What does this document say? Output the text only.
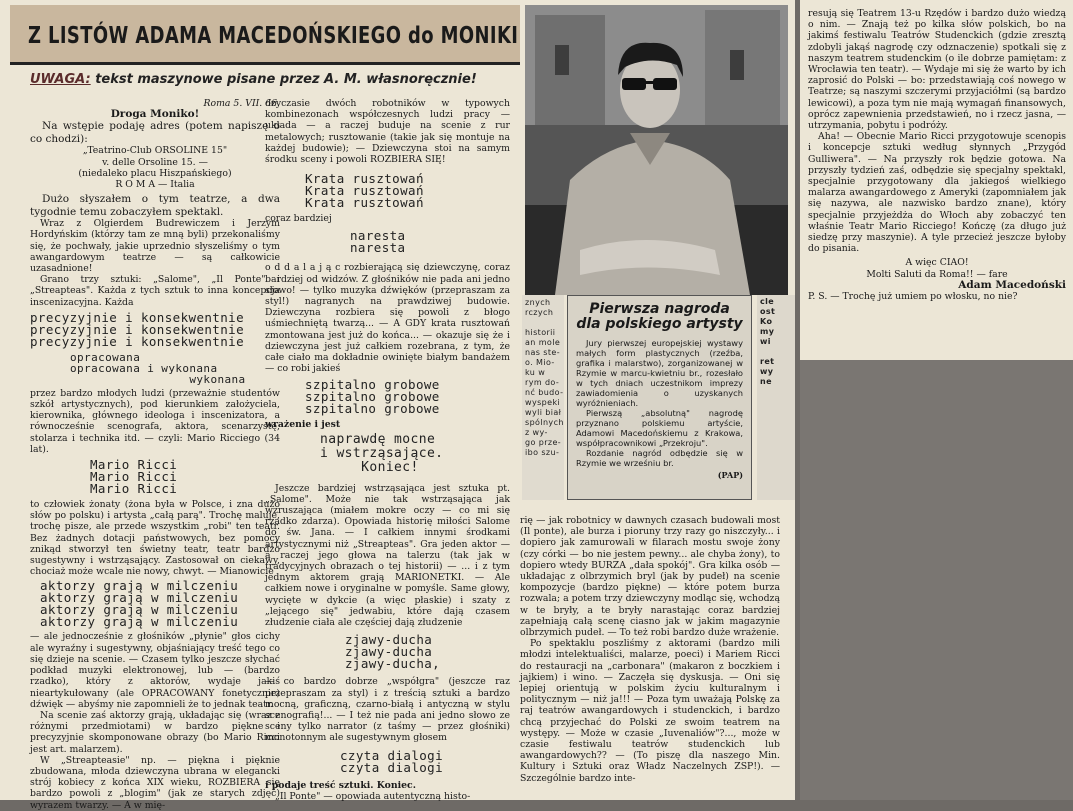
Z LISTÓW ADAMA MACEDOŃSKIEGO do MONIKI
UWAGA: tekst maszynowe pisane przez A. M. własnoręcznie!

Roma 5. VII. 66.

Droga Moniko!

Na wstępie podaję adres (potem napiszę o co chodzi):

„Teatrino-Club ORSOLINE 15"

v. delle Orsoline 15. —

(niedaleko placu Hiszpańskiego)

R O M A — Italia

Dużo słyszałem o tym teatrze, a dwa tygodnie temu zobaczyłem spektakl.

Wraz z Olgierdem Budrewiczem i Jerzym Hordyńskim (którzy tam ze mną byli) przekonaliśmy się, że pochwały, jakie uprzednio słyszeliśmy o tym awangardowym teatrze — są całkowicie uzasadnione!

Grano trzy sztuki: „Salome", „Il Ponte" i „Streapteas". Każda z tych sztuk to inna koncepcja inscenizacyjna. Każda

precyzyjnie i konsekwentnie
precyzyjnie i konsekwentnie
precyzyjnie i konsekwentnie
opracowana
opracowana i wykonana
wykonana

przez bardzo młodych ludzi (przeważnie studentów szkół artystycznych), pod kierunkiem założyciela, kierownika, głównego ideologa i inscenizatora, a równocześnie scenografa, aktora, scenarzystę, stolarza i technika itd. — czyli: Mario Ricciego (34 lat).

Mario Ricci
Mario Ricci
Mario Ricci

to człowiek żonaty (żona była w Polsce, i zna dużo słów po polsku) i artysta „całą parą". Trochę maluje, trochę pisze, ale przede wszystkim „robi" ten teatr. Bez żadnych dotacji państwowych, bez pomocy znikąd stworzył ten świetny teatr, teatr bardzo sugestywny i wstrząsający. Zastosował on ciekawy, chociaż może wcale nie nowy, chwyt. — Mianowicie

aktorzy grają w milczeniu
aktorzy grają w milczeniu
aktorzy grają w milczeniu
aktorzy grają w milczeniu

— ale jednocześnie z głośników „płynie" głos cichy ale wyraźny i sugestywny, objaśniający treść tego co się dzieje na scenie. — Czasem tylko jeszcze słychać podkład muzyki elektronowej, lub — (bardzo rzadko), który z aktorów, wydaje jakiś nieartykułowany (ale OPRACOWANY fonetycznie) dźwięk — abyśmy nie zapomnieli że to jednak teatr.

Na scenie zaś aktorzy grają, układając się (wraz z różnymi przedmiotami) w bardzo piękne i precyzyjnie skomponowane obrazy (bo Mario Ricci jest art. malarzem).

W „Streapteasie" np. — piękna i pięknie zbudowana, młoda dziewczyna ubrana w elegancki strój kobiecy z końca XIX wieku, ROZBIERA się bardzo powoli z „blogim" (jak ze starych zdjęć) wyrazem twarzy. — A w mię-

dzyczasie dwóch robotników w typowych kombinezonach współczesnych ludzi pracy — układa — a raczej buduje na scenie z rur metalowych; rusztowanie (takie jak się montuje na każdej budowie); — Dziewczyna stoi na samym środku sceny i powoli ROZBIERA SIĘ!

Krata rusztowań
Krata rusztowań
Krata rusztowań

coraz bardziej

naresta
naresta

o d d a l a j ą c rozbierającą się dziewczynę, coraz bardziej od widzów. Z głośników nie pada ani jedno słowo! — tylko muzyka dźwięków (przepraszam za styl!) nagranych na prawdziwej budowie. Dziewczyna rozbiera się powoli z błogo uśmiechniętą twarzą... — A GDY krata rusztowań zmontowana jest już do końca... — okazuje się że i dziewczyna jest już całkiem rozebrana, z tym, że całe ciało ma dokładnie owinięte białym bandażem — co robi jakieś

szpitalno grobowe
szpitalno grobowe
szpitalno grobowe

wrażenie i jest

naprawdę mocne
i wstrząsające.
Koniec!

Jeszcze bardziej wstrząsająca jest sztuka pt. „Salome". Może nie tak wstrząsająca jak wzruszająca (miałem mokre oczy — co mi się rzadko zdarza). Opowiada historię miłości Salome do św. Jana. — I całkiem innymi środkami artystycznymi niż „Streapteas". Gra jeden aktor — a raczej jego głowa na talerzu (tak jak w tradycyjnych obrazach o tej historii) — ... i z tym jednym aktorem grają MARIONETKI. — Ale całkiem nowe i oryginalne w pomyśle. Same głowy, wycięte w dykcie (a więc płaskie) i szaty z „lejącego się" jedwabiu, które dają czasem złudzenie ciała ale częściej dają złudzenie

zjawy-ducha
zjawy-ducha
zjawy-ducha,

— co bardzo dobrze „współgra" (jeszcze raz przepraszam za styl) i z treścią sztuki a bardzo mocną, graficzną, czarno-białą i antyczną w stylu scenografią!... — I też nie pada ani jedno słowo ze sceny tylko narrator (z taśmy — przez głośniki) monotonnym ale sugestywnym głosem

czyta dialogi
czyta dialogi

i podaje treść sztuki. Koniec.

„Il Ponte" — opowiada autentyczną histo-

znych
rczych

historii
an mole
nas ste-
o. Mio-
ku w
rym do-
nć budo-
wyspeki
wyli biał
spólnych
z wy-
go prze-
ibo szu-
Pierwsza nagroda dla polskiego artysty

Jury pierwszej europejskiej wystawy małych form plastycznych (rzeźba, grafika i malarstwo), zorganizowanej w Rzymie w marcu-kwietniu br., rozesłało w tych dniach uczestnikom imprezy zawiadomienia o uzyskanych wyróżnieniach.

Pierwszą „absolutną" nagrodę przyznano polskiemu artyście, Adamowi Macedońskiemu z Krakowa, współpracownikowi „Przekroju".

Rozdanie nagród odbędzie się w Rzymie we wrześniu br.

(PAP)

cle
ost
Ko
my
wi

ret
wy
ne

rię — jak robotnicy w dawnych czasach budowali most (Il ponte), ale burza i pioruny trzy razy go niszczyły... i dopiero jak zamurowali w filarach mostu swoje żony (czy córki — bo nie jestem pewny... ale chyba żony), to dopiero wtedy BURZA „dała spokój". Gra kilka osób — układając z olbrzymich bryl (jak by pudeł) na scenie kompozycje (bardzo piękne) — które potem burza rozwala; a potem trzy dziewczyny modląc się, wchodzą w te bryły, a te bryły narastając coraz bardziej zapełniają całą scenę ciasno jak w jakim magazynie olbrzymich pudeł. — To też robi bardzo duże wrażenie.

Po spektaklu poszliśmy z aktorami (bardzo mili młodzi intelektualiści, malarze, poeci) i Mariem Ricci do restauracji na „carbonara" (makaron z boczkiem i jajkiem) i wino. — Zaczęła się dyskusja. — Oni się lepiej orientują w polskim życiu kulturalnym i politycznym — niż ja!!! — Poza tym uważają Polskę za raj teatrów awangardowych i studenckich, i bardzo chcą przyjechać do Polski ze swoim teatrem na występy. — Może w czasie „Iuvenaliów"?..., może w czasie festiwalu teatrów studenckich lub awangardowych?? — (To piszę dla naszego Min. Kultury i Sztuki oraz Władz Naczelnych ZSP!). — Szczególnie bardzo inte-

resują się Teatrem 13-u Rzędów i bardzo dużo wiedzą o nim. — Znają też po kilka słów polskich, bo na jakimś festiwalu Teatrów Studenckich (gdzie zresztą zdobyli jakąś nagrodę czy odznaczenie) spotkali się z naszym teatrem studenckim (o ile dobrze pamiętam: z Wrocławia ten teatr). — Wydaje mi się że warto by ich zaprosić do Polski — bo: przedstawiają coś nowego w Teatrze; są naszymi szczerymi przyjaciółmi (są bardzo lewicowi), a poza tym nie mają wymagań finansowych, oprócz zapewnienia przedstawień, no i rzecz jasna, — utrzymania, pobytu i podróży.

Aha! — Obecnie Mario Ricci przygotowuje scenopis i koncepcje sztuki według słynnych „Przygód Gulliwera". — Na przyszły rok będzie gotowa. Na przyszły tydzień zaś, odbędzie się specjalny spektakl, specjalnie przygotowany dla jakiegoś wielkiego malarza awangardowego z Ameryki (zapomniałem jak się nazywa, ale nazwisko bardzo znane), który specjalnie przyjeżdża do Włoch aby zobaczyć ten właśnie Teatr Mario Ricciego! Kończę (za długo już siedzę przy maszynie). A tyle przecież jeszcze byłoby do pisania.

A więc CIAO!

Molti Saluti da Roma!! — fare

Adam Macedoński

P. S. — Trochę już umiem po włosku, no nie?
